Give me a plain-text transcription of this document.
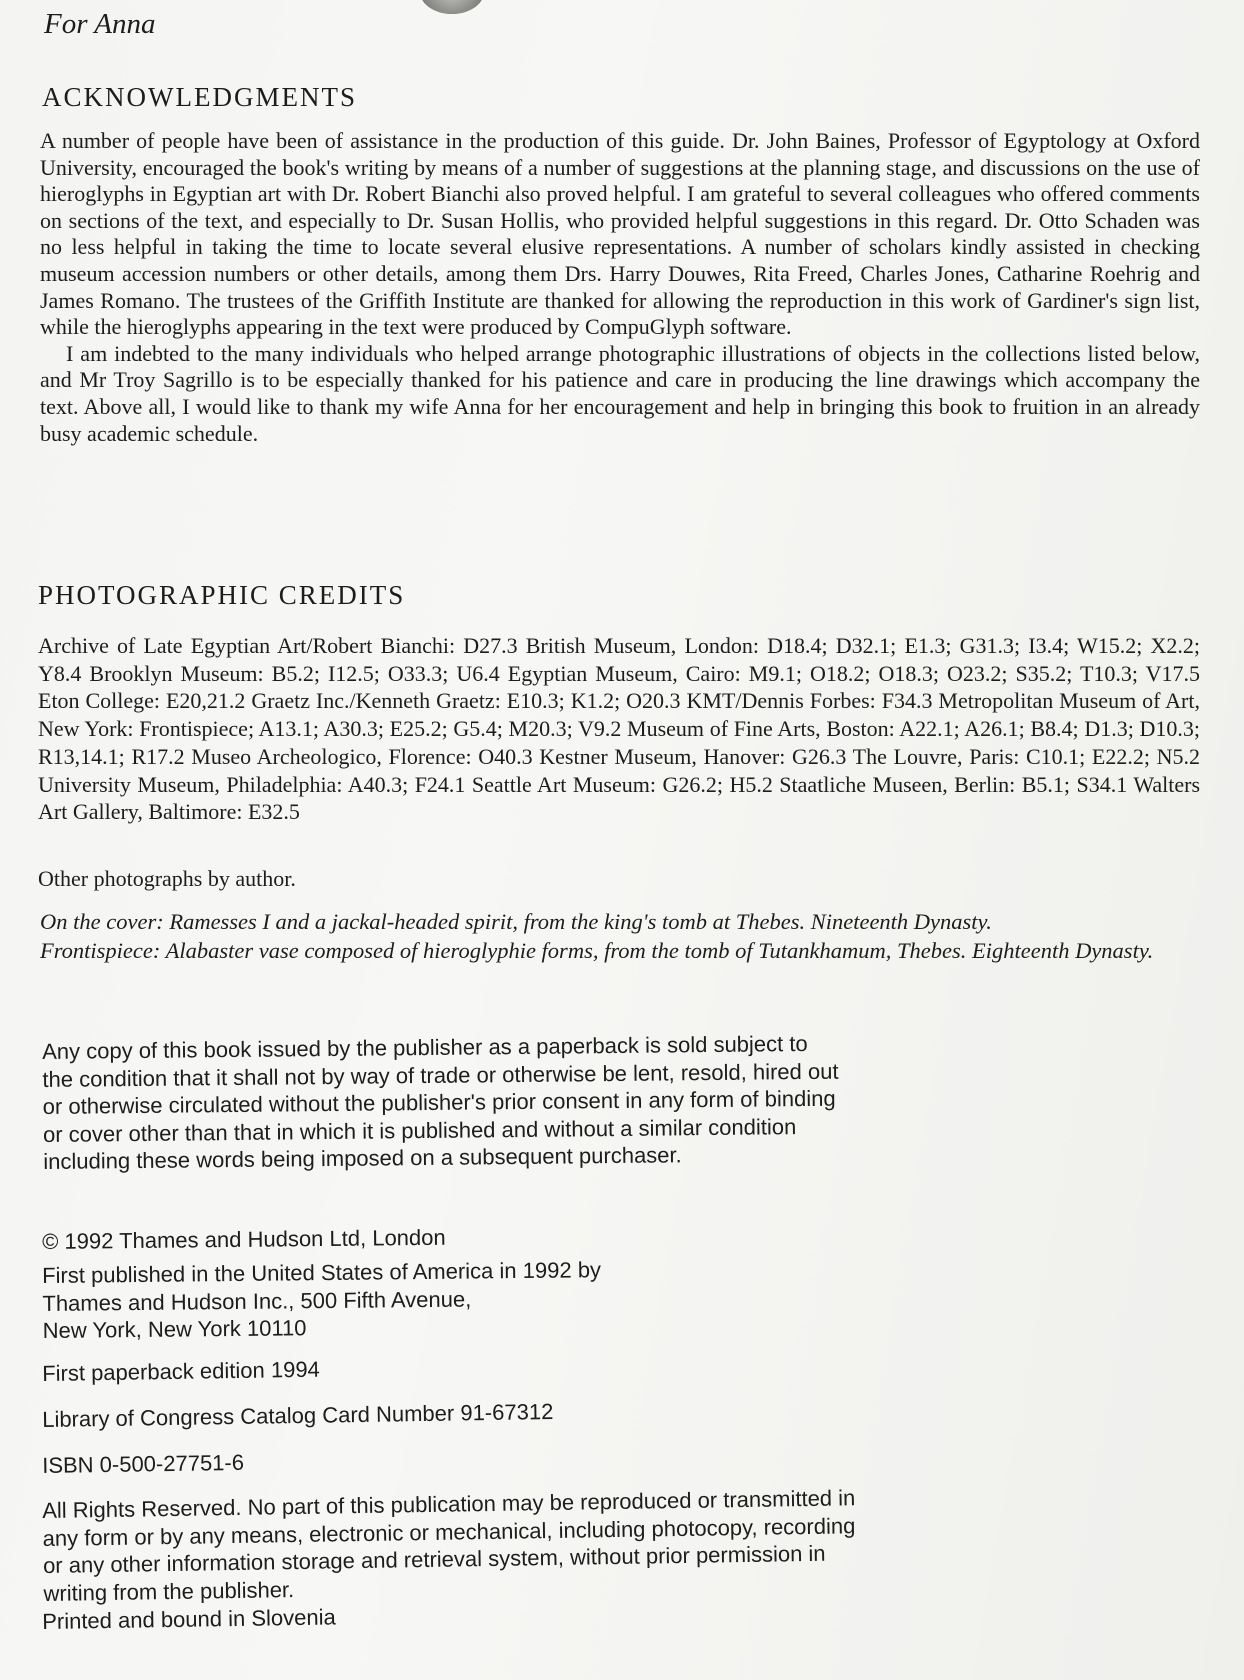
For Anna

ACKNOWLEDGMENTS

A number of people have been of assistance in the production of this guide. Dr. John Baines, Professor of Egyptology at Oxford University, encouraged the book's writing by means of a number of suggestions at the planning stage, and discussions on the use of hieroglyphs in Egyptian art with Dr. Robert Bianchi also proved helpful. I am grateful to several colleagues who offered comments on sections of the text, and especially to Dr. Susan Hollis, who provided helpful suggestions in this regard. Dr. Otto Schaden was no less helpful in taking the time to locate several elusive representations. A number of scholars kindly assisted in checking museum accession numbers or other details, among them Drs. Harry Douwes, Rita Freed, Charles Jones, Catharine Roehrig and James Romano. The trustees of the Griffith Institute are thanked for allowing the reproduction in this work of Gardiner's sign list, while the hieroglyphs appearing in the text were produced by CompuGlyph software.

I am indebted to the many individuals who helped arrange photographic illustrations of objects in the collections listed below, and Mr Troy Sagrillo is to be especially thanked for his patience and care in producing the line drawings which accompany the text. Above all, I would like to thank my wife Anna for her encouragement and help in bringing this book to fruition in an already busy academic schedule.

PHOTOGRAPHIC CREDITS

Archive of Late Egyptian Art/Robert Bianchi: D27.3 British Museum, London: D18.4; D32.1; E1.3; G31.3; I3.4; W15.2; X2.2; Y8.4 Brooklyn Museum: B5.2; I12.5; O33.3; U6.4 Egyptian Museum, Cairo: M9.1; O18.2; O18.3; O23.2; S35.2; T10.3; V17.5 Eton College: E20,21.2 Graetz Inc./Kenneth Graetz: E10.3; K1.2; O20.3 KMT/Dennis Forbes: F34.3 Metropolitan Museum of Art, New York: Frontispiece; A13.1; A30.3; E25.2; G5.4; M20.3; V9.2 Museum of Fine Arts, Boston: A22.1; A26.1; B8.4; D1.3; D10.3; R13,14.1; R17.2 Museo Archeologico, Florence: O40.3 Kestner Museum, Hanover: G26.3 The Louvre, Paris: C10.1; E22.2; N5.2 University Museum, Philadelphia: A40.3; F24.1 Seattle Art Museum: G26.2; H5.2 Staatliche Museen, Berlin: B5.1; S34.1 Walters Art Gallery, Baltimore: E32.5

Other photographs by author.

On the cover: Ramesses I and a jackal-headed spirit, from the king's tomb at Thebes. Nineteenth Dynasty.

Frontispiece: Alabaster vase composed of hieroglyphie forms, from the tomb of Tutankhamum, Thebes. Eighteenth Dynasty.

Any copy of this book issued by the publisher as a paperback is sold subject to the condition that it shall not by way of trade or otherwise be lent, resold, hired out or otherwise circulated without the publisher's prior consent in any form of binding or cover other than that in which it is published and without a similar condition including these words being imposed on a subsequent purchaser.

© 1992 Thames and Hudson Ltd, London

First published in the United States of America in 1992 by

Thames and Hudson Inc., 500 Fifth Avenue,

New York, New York 10110

First paperback edition 1994

Library of Congress Catalog Card Number 91-67312

ISBN 0-500-27751-6

All Rights Reserved. No part of this publication may be reproduced or transmitted in any form or by any means, electronic or mechanical, including photocopy, recording or any other information storage and retrieval system, without prior permission in writing from the publisher.

Printed and bound in Slovenia
